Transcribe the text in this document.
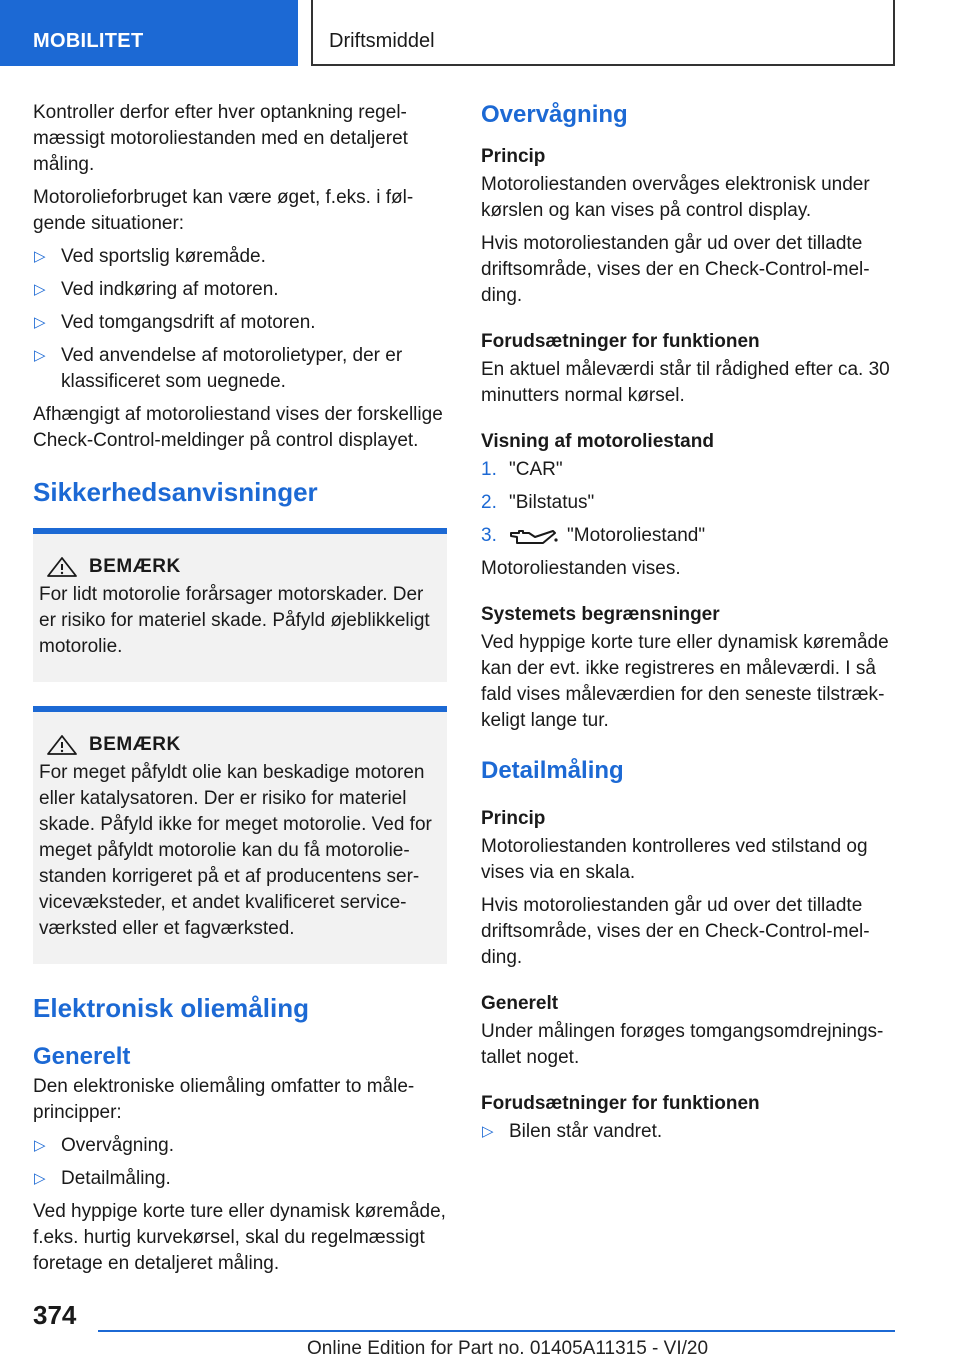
MOBILITET	Driftsmiddel

Kontroller derfor efter hver optankning regelmæssigt motoroliestanden med en detaljeret måling.

Motorolieforbruget kan være øget, f.eks. i følgende situationer:

▷ Ved sportslig køremåde.
▷ Ved indkøring af motoren.
▷ Ved tomgangsdrift af motoren.
▷ Ved anvendelse af motorolietyper, der er klassificeret som uegnede.

Afhængigt af motoroliestand vises der forskellige Check-Control-meldinger på control displayet.

Sikkerhedsanvisninger
BEMÆRK

For lidt motorolie forårsager motorskader. Der er risiko for materiel skade. Påfyld øjeblikkeligt motorolie.

BEMÆRK

For meget påfyldt olie kan beskadige motoren eller katalysatoren. Der er risiko for materiel skade. Påfyld ikke for meget motorolie. Ved for meget påfyldt motorolie kan du få motoroliestanden korrigeret på et af producentens servicevæksteder, et andet kvalificeret serviceværksted eller et fagværksted.

Elektronisk oliemåling
Generelt

Den elektroniske oliemåling omfatter to måleprincipper:

▷ Overvågning.
▷ Detailmåling.

Ved hyppige korte ture eller dynamisk køremåde, f.eks. hurtig kurvekørsel, skal du regelmæssigt foretage en detaljeret måling.

Overvågning
Princip

Motoroliestanden overvåges elektronisk under kørslen og kan vises på control display.

Hvis motoroliestanden går ud over det tilladte driftsområde, vises der en Check-Control-melding.

Forudsætninger for funktionen

En aktuel måleværdi står til rådighed efter ca. 30 minutters normal kørsel.

Visning af motoroliestand
1. "CAR"
2. "Bilstatus"
3.	"Motoroliestand"

Motoroliestanden vises.

Systemets begrænsninger

Ved hyppige korte ture eller dynamisk køremåde kan der evt. ikke registreres en måleværdi. I så fald vises måleværdien for den seneste tilstrækkeligt lange tur.

Detailmåling
Princip

Motoroliestanden kontrolleres ved stilstand og vises via en skala.

Hvis motoroliestanden går ud over det tilladte driftsområde, vises der en Check-Control-melding.

Generelt

Under målingen forøges tomgangsomdrejningstallet noget.

Forudsætninger for funktionen
▷ Bilen står vandret.
374
Online Edition for Part no. 01405A11315 - VI/20
